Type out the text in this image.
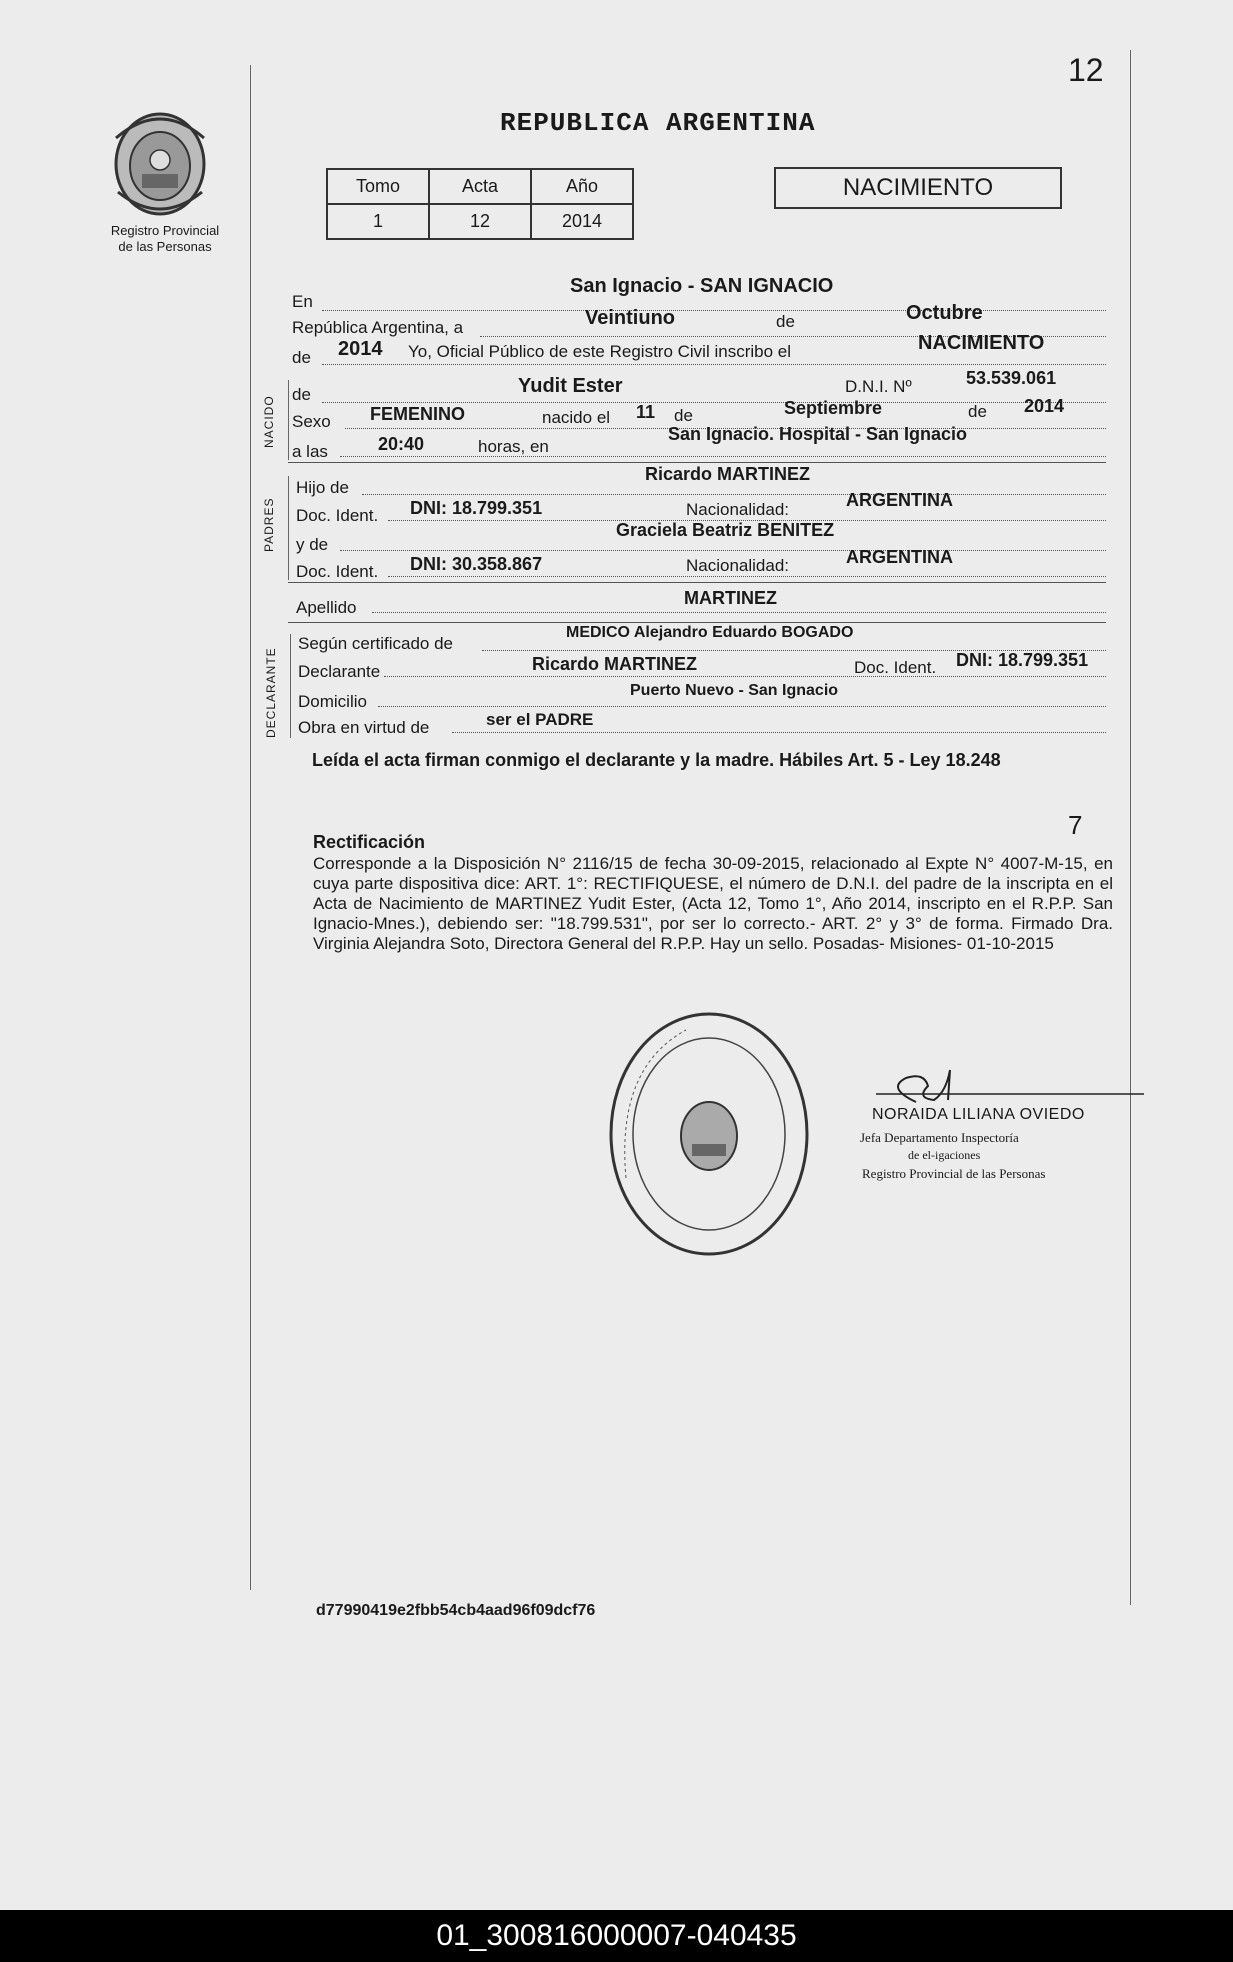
12
Registro Provincial
de las Personas
REPUBLICA ARGENTINA
Tomo	Acta	Año
1	12	2014
NACIMIENTO
En
San Ignacio - SAN IGNACIO
República Argentina, a	Veintiuno	de	Octubre
de 2014 Yo, Oficial Público de este Registro Civil inscribo el	NACIMIENTO
de	Yudit Ester	D.N.I. Nº	53.539.061
Sexo FEMENINO	nacido el 11 de	Septiembre	de 2014
a las	20:40	horas, en
San Ignacio. Hospital - San Ignacio
NACIDO
Hijo de
Ricardo MARTINEZ
Doc. Ident. DNI: 18.799.351	Nacionalidad:	ARGENTINA
y de
Graciela Beatriz BENITEZ
Doc. Ident. DNI: 30.358.867	Nacionalidad:	ARGENTINA
PADRES
Apellido	MARTINEZ
Según certificado de
MEDICO Alejandro Eduardo BOGADO
Declarante	Ricardo MARTINEZ	Doc. Ident. DNI: 18.799.351
Domicilio
Puerto Nuevo - San Ignacio
Obra en virtud de	ser el PADRE
DECLARANTE
Leída el acta firman conmigo el declarante y la madre. Hábiles Art. 5 - Ley 18.248
7
Rectificación
Corresponde a la Disposición N° 2116/15 de fecha 30-09-2015, relacionado al Expte N° 4007-M-15, en cuya parte dispositiva dice: ART. 1°: RECTIFIQUESE, el número de D.N.I. del padre de la inscripta en el Acta de Nacimiento de MARTINEZ Yudit Ester, (Acta 12, Tomo 1°, Año 2014, inscripto en el R.P.P. San Ignacio-Mnes.), debiendo ser: "18.799.531", por ser lo correcto.- ART. 2° y 3° de forma. Firmado Dra. Virginia Alejandra Soto, Directora General del R.P.P. Hay un sello. Posadas- Misiones- 01-10-2015
NORAIDA LILIANA OVIEDO
Jefa Departamento Inspectoría
de el-igaciones
Registro Provincial de las Personas
d77990419e2fbb54cb4aad96f09dcf76
01_300816000007-040435
